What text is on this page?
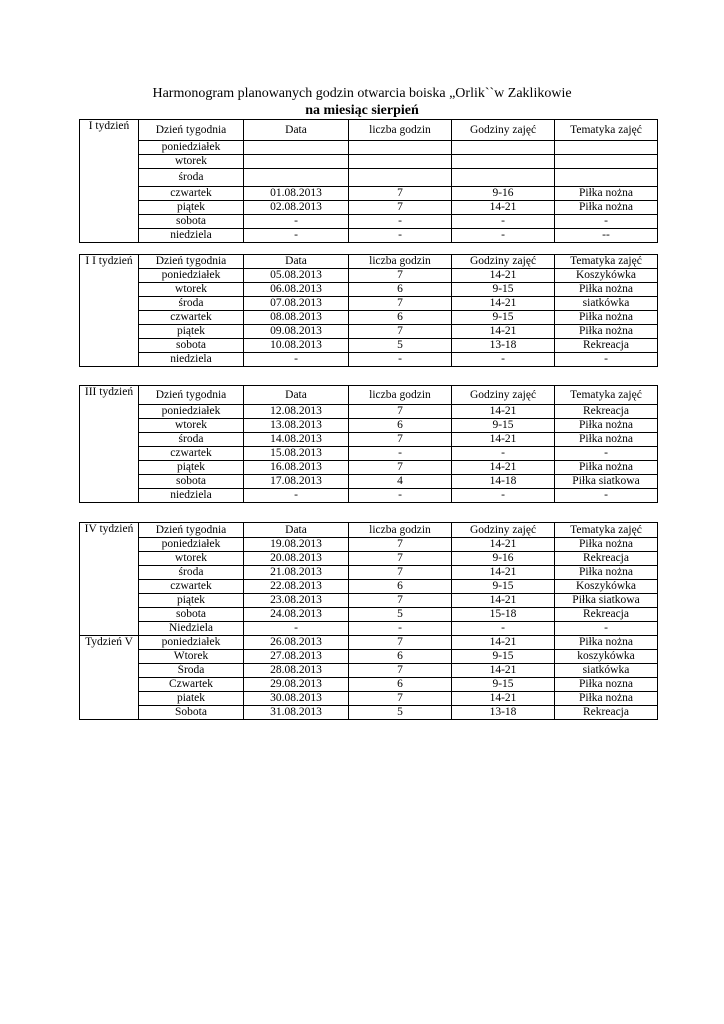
Harmonogram planowanych godzin otwarcia boiska „Orlik``w Zaklikowie
na miesiąc sierpień
I tydzień	Dzień tygodnia	Data	liczba godzin	Godziny zajęć	Tematyka zajęć
	poniedziałek				
	wtorek				
	środa				
	czwartek	01.08.2013	7	9-16	Piłka nożna
	piątek	02.08.2013	7	14-21	Piłka nożna
	sobota	-	-	-	-
	niedziela	-	-	-	--
I I tydzień	Dzień tygodnia	Data	liczba godzin	Godziny zajęć	Tematyka zajęć
	poniedziałek	05.08.2013	7	14-21	Koszykówka
	wtorek	06.08.2013	6	9-15	Piłka nożna
	środa	07.08.2013	7	14-21	siatkówka
	czwartek	08.08.2013	6	9-15	Piłka nożna
	piątek	09.08.2013	7	14-21	Piłka nożna
	sobota	10.08.2013	5	13-18	Rekreacja
	niedziela	-	-	-	-
III tydzień	Dzień tygodnia	Data	liczba godzin	Godziny zajęć	Tematyka zajęć
	poniedziałek	12.08.2013	7	14-21	Rekreacja
	wtorek	13.08.2013	6	9-15	Piłka nożna
	środa	14.08.2013	7	14-21	Piłka nożna
	czwartek	15.08.2013	-	-	-
	piątek	16.08.2013	7	14-21	Piłka nożna
	sobota	17.08.2013	4	14-18	Piłka siatkowa
	niedziela	-	-	-	-
IV tydzień	Dzień tygodnia	Data	liczba godzin	Godziny zajęć	Tematyka zajęć
	poniedziałek	19.08.2013	7	14-21	Piłka nożna
	wtorek	20.08.2013	7	9-16	Rekreacja
	środa	21.08.2013	7	14-21	Piłka nożna
	czwartek	22.08.2013	6	9-15	Koszykówka
	piątek	23.08.2013	7	14-21	Piłka siatkowa
	sobota	24.08.2013	5	15-18	Rekreacja
	Niedziela	-	-	-	-
Tydzień V	poniedziałek	26.08.2013	7	14-21	Piłka nożna
	Wtorek	27.08.2013	6	9-15	koszykówka
	Środa	28.08.2013	7	14-21	siatkówka
	Czwartek	29.08.2013	6	9-15	Piłka nozna
	piatek	30.08.2013	7	14-21	Piłka nożna
	Sobota	31.08.2013	5	13-18	Rekreacja
